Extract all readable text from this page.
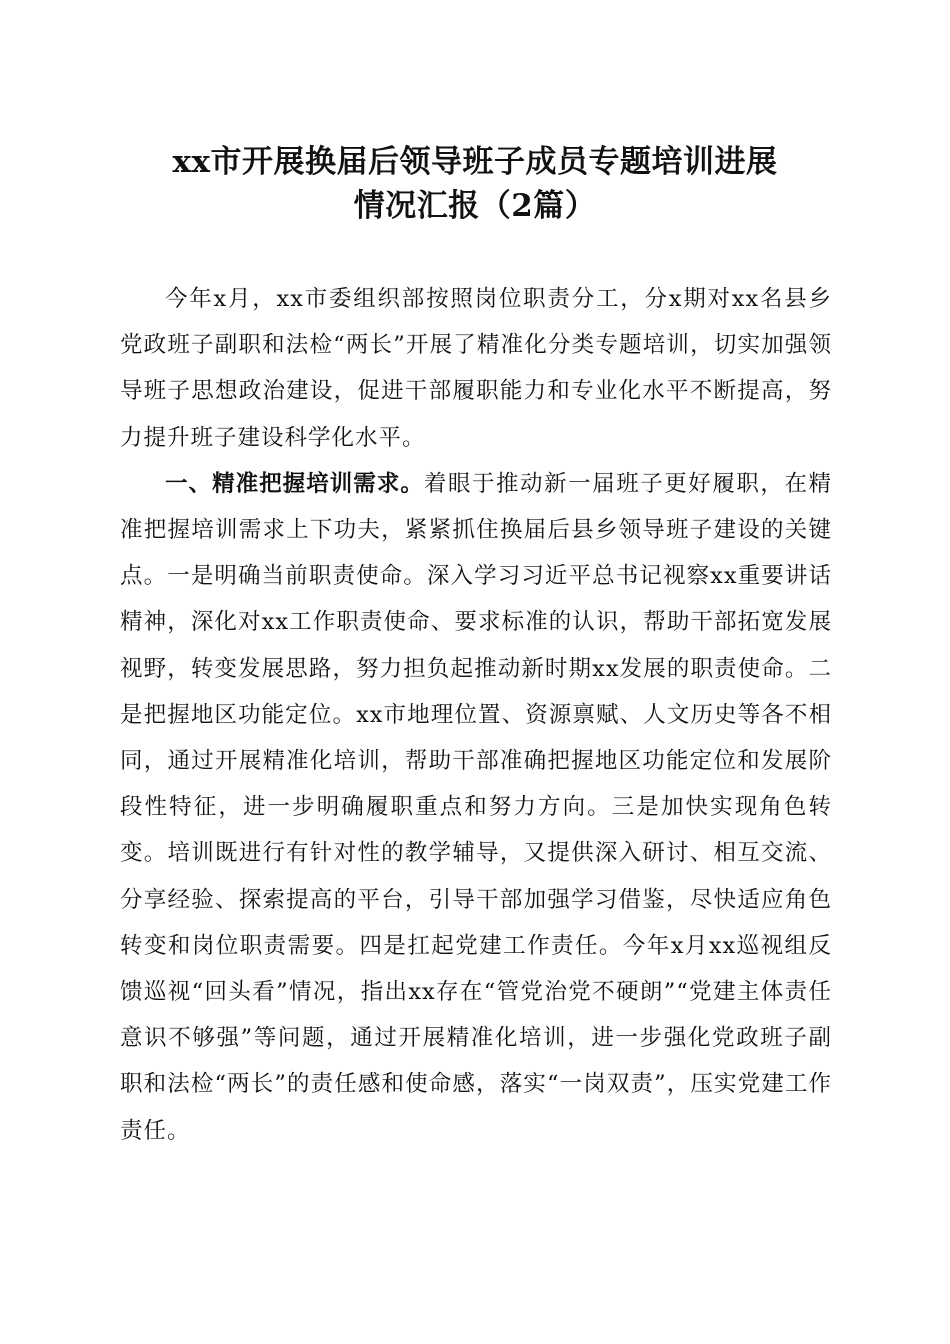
xx市开展换届后领导班子成员专题培训进展
情况汇报（2篇）

今年x月，xx市委组织部按照岗位职责分工，分x期对xx名县乡党政班子副职和法检“两长”开展了精准化分类专题培训，切实加强领导班子思想政治建设，促进干部履职能力和专业化水平不断提高，努力提升班子建设科学化水平。

一、精准把握培训需求。着眼于推动新一届班子更好履职，在精准把握培训需求上下功夫，紧紧抓住换届后县乡领导班子建设的关键点。一是明确当前职责使命。深入学习习近平总书记视察xx重要讲话精神，深化对xx工作职责使命、要求标准的认识，帮助干部拓宽发展视野，转变发展思路，努力担负起推动新时期xx发展的职责使命。二是把握地区功能定位。xx市地理位置、资源禀赋、人文历史等各不相同，通过开展精准化培训，帮助干部准确把握地区功能定位和发展阶段性特征，进一步明确履职重点和努力方向。三是加快实现角色转变。培训既进行有针对性的教学辅导，又提供深入研讨、相互交流、分享经验、探索提高的平台，引导干部加强学习借鉴，尽快适应角色转变和岗位职责需要。四是扛起党建工作责任。今年x月xx巡视组反馈巡视“回头看”情况，指出xx存在“管党治党不硬朗”“党建主体责任意识不够强”等问题，通过开展精准化培训，进一步强化党政班子副职和法检“两长”的责任感和使命感，落实“一岗双责”，压实党建工作责任。
